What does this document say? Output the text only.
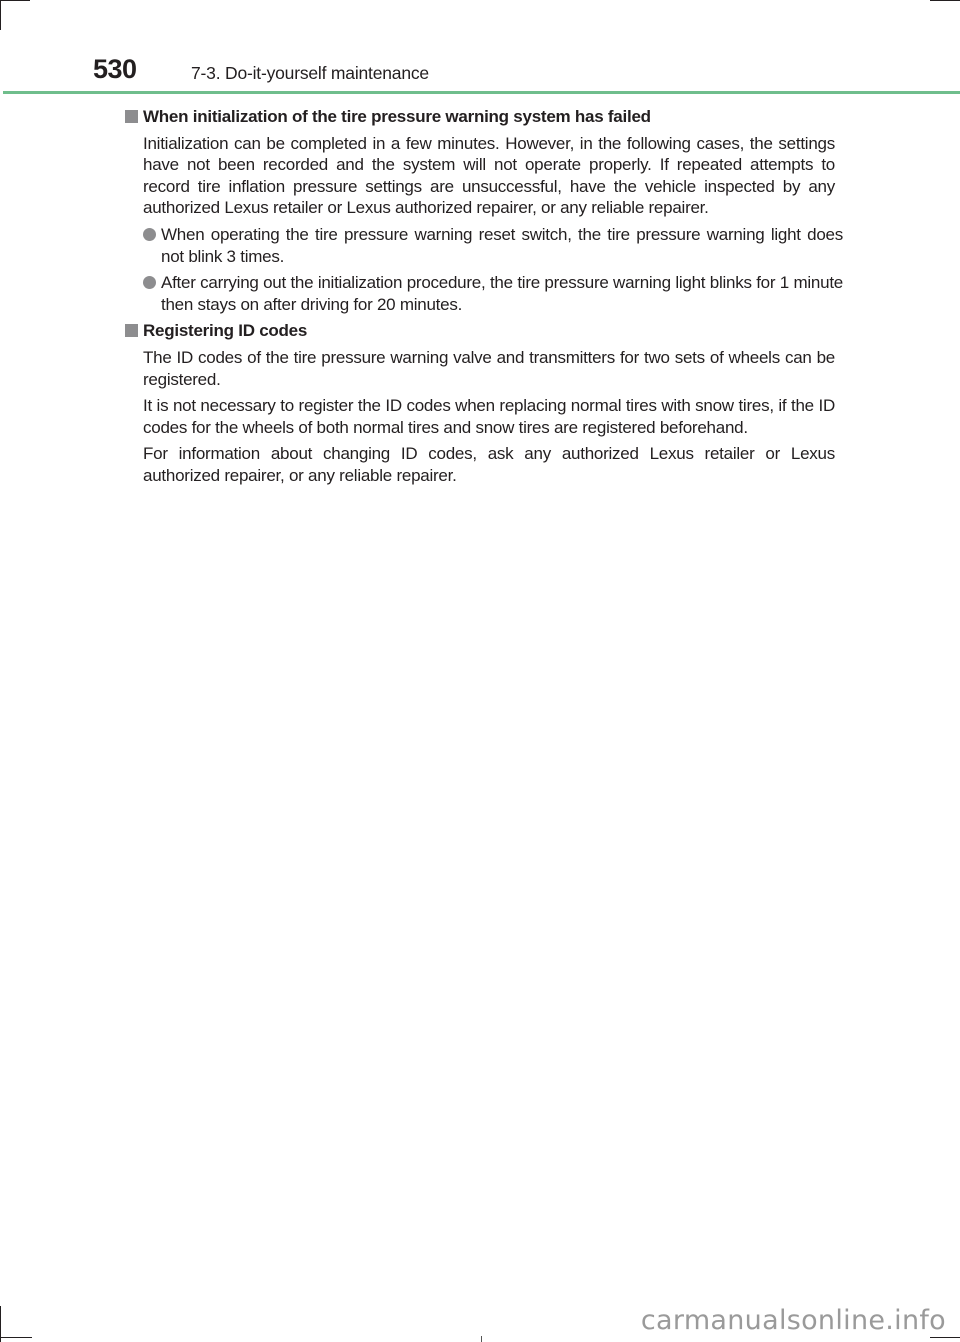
530	7-3. Do-it-yourself maintenance
When initialization of the tire pressure warning system has failed
Initialization can be completed in a few minutes. However, in the following cases, the settings have not been recorded and the system will not operate properly. If repeated attempts to record tire inflation pressure settings are unsuccessful, have the vehicle inspected by any authorized Lexus retailer or Lexus authorized repairer, or any reliable repairer.
When operating the tire pressure warning reset switch, the tire pressure warning light does not blink 3 times.
After carrying out the initialization procedure, the tire pressure warning light blinks for 1 minute then stays on after driving for 20 minutes.
Registering ID codes
The ID codes of the tire pressure warning valve and transmitters for two sets of wheels can be registered.
It is not necessary to register the ID codes when replacing normal tires with snow tires, if the ID codes for the wheels of both normal tires and snow tires are registered beforehand.
For information about changing ID codes, ask any authorized Lexus retailer or Lexus authorized repairer, or any reliable repairer.
carmanualsonline.info
